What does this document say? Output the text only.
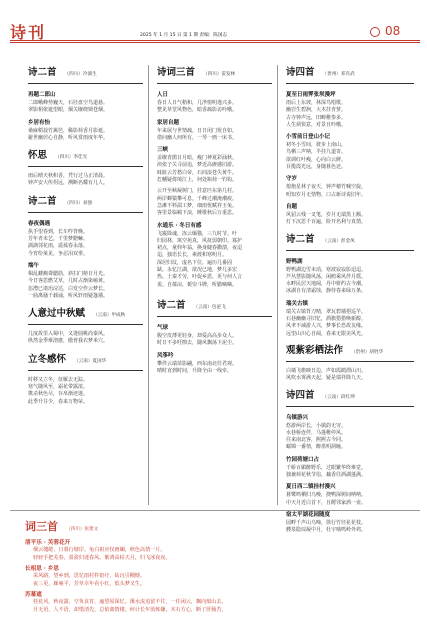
诗刊	2025 年 1 月 15 日 第 1 期 责编：陈国志	08
诗二首 （四川）冷淌生
再题二郎山
二郎峨峰势巍天，石径盘空鸟道悬。
翠影相依遮望眼，烟关缭绕锁苍烟。
乡居有怡
桑麻稻菽竹篱笆，稀影荷香月影遮。
避世幽居心自静，听风赏雨度年华。
怀思 （四川）李佳光
雨后晴天秋积香，凭行过马正清晨。
钟声安大传拐远，溯断名耀有几人。
诗二首 （四川）易强
春夜偶遇
执手望春到，长车咋背晚。
芳年青未艺，千里梦蹬嘛。
漓漓邻花雨，遥菰春永落。
今宵纷莱见，争忍泪双垂。
端午
楫乱蝼瘸聋腮筋，斜扫门榜日月光。
今日客思燃艾草，几时占渐染嗑黄。
恣澧已诸治浣达，白发空作云梦长。
一曲离骚千载诵，听风轩雨疑篷墙。
人意过中秋赋 （云南）甲成秋
几度故里入蜀中，又逢圆桃尚秦风。
纵然金季难沏愈，傲普我衣梦米穴。
立冬感怀 （云南）夏国华
时移又立冬，征雁去无踪。
寒气随风至，霜花带露浓。
携杀秋色尽，存帛渐迹迷。
此季升芬少，春来万物荣。
诗词三首 （四川）雷发林
人日
春日人日气稍和，几净窗明逸兴多。
整见草堂风物色，暗香疏影访吟哦。
家居自题
年来展与世情疏，日日闭门忧自如。
借问幽人何所有，一琴一画一床书。
三峡
盖缭青鹃日月暗，瘦门神夏彩涌秋。
泱依子关寻前追，梦近高赓感旧游。
昧脏云芳愁白帝，石闾浪苍失黄牛。
危幡疑倚境江上，何处瓶荷一钓钩。
云开至峡凝树门，挂意匹东第几村。
两岸蝉猿攀可息，千峰过潮淹潮痕。
急滩不料湍工梦，细雨忧赋祥玉兔。
客里景临羁下浪，睡歌秋后万重思。
水通乐 · 冬日有感
飞霰降魂，冻云缅猫，三九时节。叶
归园林，寓空苑真，风抚弱朝印。寡护
初点，童仰年翁，换身睫春撒溃，夜迢
迢，独语长长，素渡和寒明月。
深居归坟，虚名下位，遍历几番固
缺。永忆江湖，欲况已地，梦几多宏
热。土秦才劳，叶促乡恩，更与何人言
说。自葆凉，栀崇斗牌，听勤嘀嘀。
诗二首 （云南）包泌飞
气球
腹空皮薄更轻身，却爱高高步众人。
时日不多吁擦去，随风飘荡下泥尘。
风筝吟
攀伴云端苗影翩，西东南北任君观。
晴时直到时间，升降全由一线牵。
诗四首 （贵州）邓有武
夏至日雨霁张坝漫坪
雨后上东坡，林深鸟唱歌。
幽岩生碧涧，大木挂青萝。
古寺钟声远，田畴稚参多。
人生须快意，对景且吟哦。
小雪前日登山小记
初冬小雪间，彼步上南山。
鸟栖三声呐，半挂九道寄。
欲调红叶瘦，心向白云鲜。
目揽霞光远，身随暮色还。
守岁
熄炮星林子夜天，钟声椿竹喊空旋。
明知岁月无情物，口占新诗说旧年。
自题
风貂云残一叉笔，岁月无端黑上额。
灯下沉思千百遍，险开名利与真情。
诗二首 （云南）彭金凤
野鸭湖
野鸭湖边雪未消，寒波寂寂影迢迢。
芦丛慧影随风荡，闲鸥乘风伴月摇。
水畔民居天地阔，丹中妍约古今潮。
冰湖自有清霜蚀，静待春来绿万条。
瑞关古镇
瑞关古镇背刀晴，翠瓦碧墙挹巡芊。
石巷幽幽寻旧忆，酒旗猎猎唤新醇。
风聿不减游人兴，梦事长恐故友缘。
远望山川心自阔，春来无限美风光。
观紫彩栖法作 （贵州）胡胜华
白墙飞檐映日边，声如霞鹤漂山川。
风吹水雾满天起，疑是瑞祥降九天。
诗四首 （云南）段红坤
乌镇游兴
悠游两岸长，小镇韵无穷。
水巷桥连伴，马蓬稚停风。
往来南北客，熙熙古今同。
蠕锦一番情，醉墨明洞瞳。
竹园荷塘口占
千娇百媚醉野乐，过眼繁华终难觉。
独兼荷花秋节俗，藕香往酒湖蓬满。
夏日西二镇挂村漫兴
暮鹭鸣栖归乌噪，挠鸭深树间呐呐。
中天月近白首下，且酹邻家酒一壶。
宿太平湖花园随度
园畔千声山乌啼，徐行竹径花花枝。
艘泉隐琮凝中月，杜宇啮鸣岭外鸡。
词三首 （四川）张建文
清平乐 · 芙蓉花开
烟云缱绻，日暮行塘岸。兔白祖应仅画斓，秋色高情一片。
轻轻手把芜春，盈盈归迷春风。紫鸿高枯天月，归飞冰夜夜。
长相思 · 乡思
采风路，望乡到，思忆雨村杵铝疗，钻沉引棚憾。
夜三更，廊庵平，芳草幸年看小红，低头梦又生。
苏幕遮
桂花风，秋夜露，空负良宵，遍望屋深忆。溪水流追留不往，一任闲云，飘向船山去。
月无语，人不语，却惜清先，总依离情楼。何计长年消炼嫌，木石方心，断了肝肠苦。
